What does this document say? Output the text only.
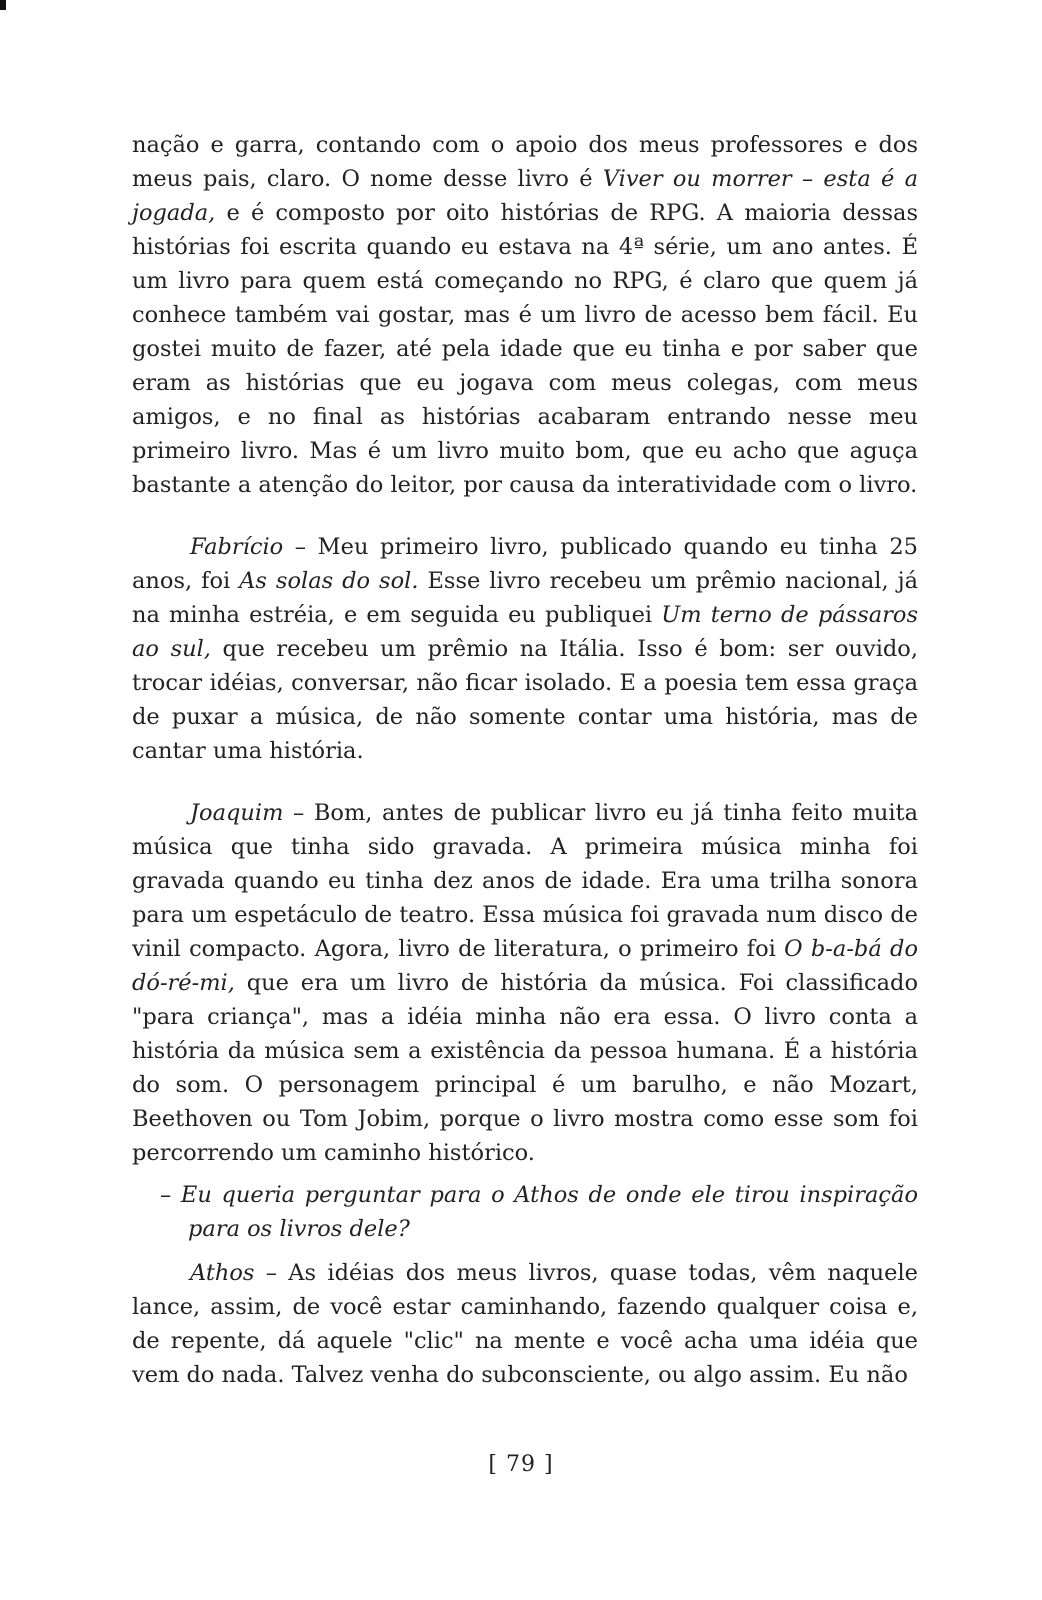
nação e garra, contando com o apoio dos meus professores e dos meus pais, claro. O nome desse livro é Viver ou morrer – esta é a jogada, e é composto por oito histórias de RPG. A maioria dessas histórias foi escrita quando eu estava na 4ª série, um ano antes. É um livro para quem está começando no RPG, é claro que quem já conhece também vai gostar, mas é um livro de acesso bem fácil. Eu gostei muito de fazer, até pela idade que eu tinha e por saber que eram as histórias que eu jogava com meus colegas, com meus amigos, e no final as histórias acabaram entrando nesse meu primeiro livro. Mas é um livro muito bom, que eu acho que aguça bastante a atenção do leitor, por causa da interatividade com o livro.

Fabrício – Meu primeiro livro, publicado quando eu tinha 25 anos, foi As solas do sol. Esse livro recebeu um prêmio nacional, já na minha estréia, e em seguida eu publiquei Um terno de pássaros ao sul, que recebeu um prêmio na Itália. Isso é bom: ser ouvido, trocar idéias, conversar, não ficar isolado. E a poesia tem essa graça de puxar a música, de não somente contar uma história, mas de cantar uma história.

Joaquim – Bom, antes de publicar livro eu já tinha feito muita música que tinha sido gravada. A primeira música minha foi gravada quando eu tinha dez anos de idade. Era uma trilha sonora para um espetáculo de teatro. Essa música foi gravada num disco de vinil compacto. Agora, livro de literatura, o primeiro foi O b-a-bá do dó-ré-mi, que era um livro de história da música. Foi classificado "para criança", mas a idéia minha não era essa. O livro conta a história da música sem a existência da pessoa humana. É a história do som. O personagem principal é um barulho, e não Mozart, Beethoven ou Tom Jobim, porque o livro mostra como esse som foi percorrendo um caminho histórico.

– Eu queria perguntar para o Athos de onde ele tirou inspiração para os livros dele?

Athos – As idéias dos meus livros, quase todas, vêm naquele lance, assim, de você estar caminhando, fazendo qualquer coisa e, de repente, dá aquele "clic" na mente e você acha uma idéia que vem do nada. Talvez venha do subconsciente, ou algo assim. Eu não

[ 79 ]
